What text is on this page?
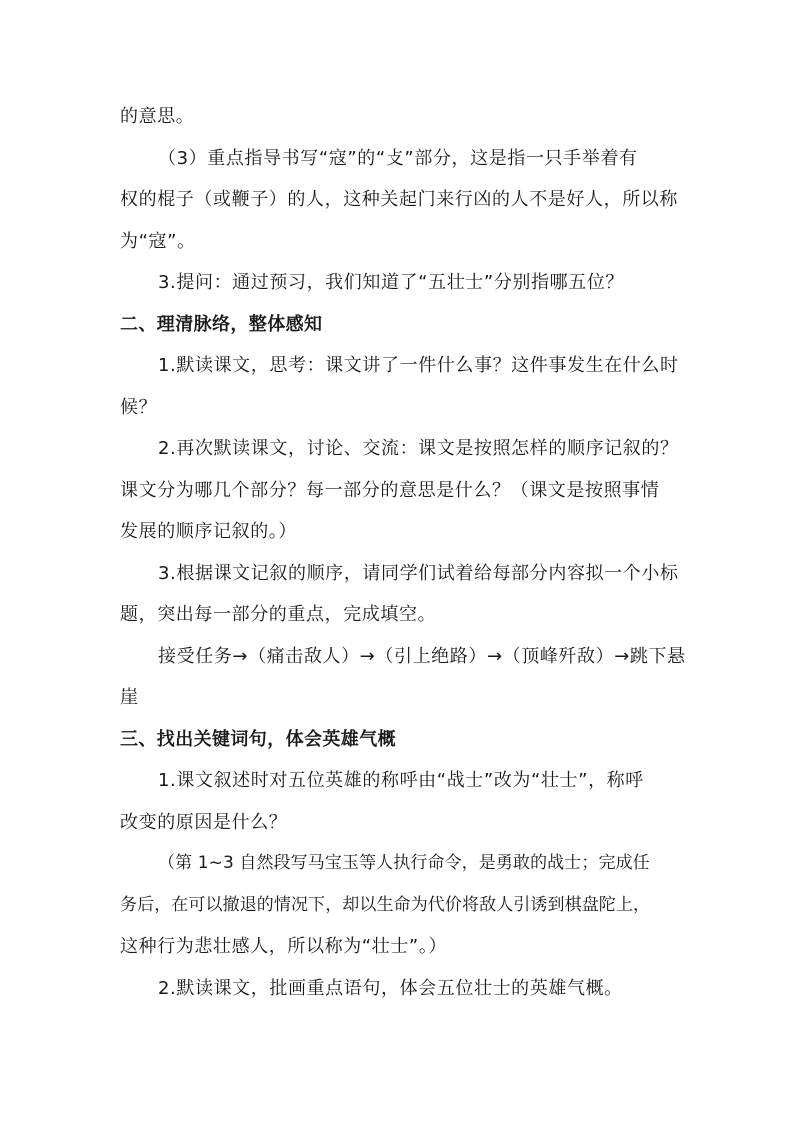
的意思。
（3）重点指导书写“寇”的“攴”部分，这是指一只手举着有
权的棍子（或鞭子）的人，这种关起门来行凶的人不是好人，所以称
为“寇”。
3.提问：通过预习，我们知道了“五壮士”分别指哪五位？
二、理清脉络，整体感知
1.默读课文，思考：课文讲了一件什么事？这件事发生在什么时
候？
2.再次默读课文，讨论、交流：课文是按照怎样的顺序记叙的？
课文分为哪几个部分？每一部分的意思是什么？（课文是按照事情
发展的顺序记叙的。）
3.根据课文记叙的顺序，请同学们试着给每部分内容拟一个小标
题，突出每一部分的重点，完成填空。
接受任务→（痛击敌人）→（引上绝路）→（顶峰歼敌）→跳下悬
崖
三、找出关键词句，体会英雄气概
1.课文叙述时对五位英雄的称呼由“战士”改为“壮士”，称呼
改变的原因是什么？
（第 1~3 自然段写马宝玉等人执行命令，是勇敢的战士；完成任
务后，在可以撤退的情况下，却以生命为代价将敌人引诱到棋盘陀上，
这种行为悲壮感人，所以称为“壮士”。）
2.默读课文，批画重点语句，体会五位壮士的英雄气概。
